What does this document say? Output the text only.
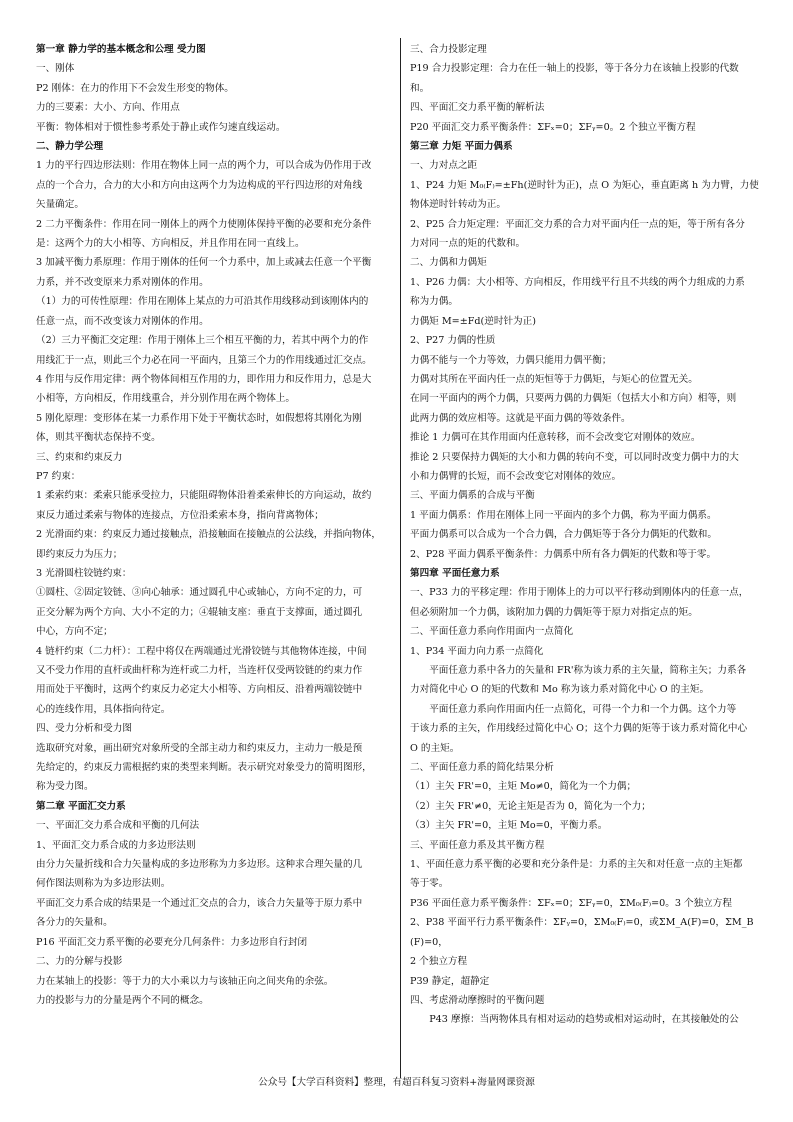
第一章 静力学的基本概念和公理 受力图

一、刚体

P2 刚体：在力的作用下不会发生形变的物体。

力的三要素：大小、方向、作用点

平衡：物体相对于惯性参考系处于静止或作匀速直线运动。

二、静力学公理

1 力的平行四边形法则：作用在物体上同一点的两个力，可以合成为仍作用于改

点的一个合力，合力的大小和方向由这两个力为边构成的平行四边形的对角线

矢量确定。

2 二力平衡条件：作用在同一刚体上的两个力使刚体保持平衡的必要和充分条件

是：这两个力的大小相等、方向相反，并且作用在同一直线上。

3 加减平衡力系原理：作用于刚体的任何一个力系中，加上或减去任意一个平衡

力系，并不改变原来力系对刚体的作用。

（1）力的可传性原理：作用在刚体上某点的力可沿其作用线移动到该刚体内的

任意一点，而不改变该力对刚体的作用。

（2）三力平衡汇交定理：作用于刚体上三个相互平衡的力，若其中两个力的作

用线汇于一点，则此三个力必在同一平面内，且第三个力的作用线通过汇交点。

4 作用与反作用定律：两个物体间相互作用的力，即作用力和反作用力，总是大

小相等，方向相反，作用线重合，并分别作用在两个物体上。

5 刚化原理：变形体在某一力系作用下处于平衡状态时，如假想将其刚化为刚

体，则其平衡状态保持不变。

三、约束和约束反力

P7 约束：

1 柔索约束：柔索只能承受拉力，只能阻碍物体沿着柔索伸长的方向运动，故约

束反力通过柔索与物体的连接点，方位沿柔索本身，指向背离物体；

2 光滑面约束：约束反力通过接触点，沿接触面在接触点的公法线，并指向物体，

即约束反力为压力；

3 光滑圆柱铰链约束：

①圆柱、②固定铰链、③向心轴承：通过圆孔中心或轴心，方向不定的力，可

正交分解为两个方向、大小不定的力；④辊轴支座：垂直于支撑面，通过圆孔

中心，方向不定；

4 链杆约束（二力杆）：工程中将仅在两端通过光滑铰链与其他物体连接，中间

又不受力作用的直杆或曲杆称为连杆或二力杆，当连杆仅受两铰链的约束力作

用而处于平衡时，这两个约束反力必定大小相等、方向相反、沿着两端铰链中

心的连线作用，具体指向待定。

四、受力分析和受力图

选取研究对象，画出研究对象所受的全部主动力和约束反力，主动力一般是预

先给定的，约束反力需根据约束的类型来判断。表示研究对象受力的简明图形，

称为受力图。

第二章 平面汇交力系

一、平面汇交力系合成和平衡的几何法

1、平面汇交力系合成的力多边形法则

由分力矢量折线和合力矢量构成的多边形称为力多边形。这种求合理矢量的几

何作图法则称为为多边形法则。

平面汇交力系合成的结果是一个通过汇交点的合力，该合力矢量等于原力系中

各分力的矢量和。

P16 平面汇交力系平衡的必要充分几何条件：力多边形自行封闭

二、力的分解与投影

力在某轴上的投影：等于力的大小乘以力与该轴正向之间夹角的余弦。

力的投影与力的分量是两个不同的概念。

三、合力投影定理

P19 合力投影定理：合力在任一轴上的投影，等于各分力在该轴上投影的代数

和。

四、平面汇交力系平衡的解析法

P20 平面汇交力系平衡条件：ΣFₓ=0；ΣFᵧ=0。2 个独立平衡方程

第三章 力矩 平面力偶系

一、力对点之距

1、P24 力矩 M₀₍F₎=±Fh(逆时针为正)，点 O 为矩心，垂直距离 h 为力臂，力使

物体逆时针转动为正。

2、P25 合力矩定理：平面汇交力系的合力对平面内任一点的矩，等于所有各分

力对同一点的矩的代数和。

二、力偶和力偶矩

1、P26 力偶：大小相等、方向相反，作用线平行且不共线的两个力组成的力系

称为力偶。

力偶矩 M=±Fd(逆时针为正)

2、P27 力偶的性质

力偶不能与一个力等效，力偶只能用力偶平衡；

力偶对其所在平面内任一点的矩恒等于力偶矩，与矩心的位置无关。

在同一平面内的两个力偶，只要两力偶的力偶矩（包括大小和方向）相等，则

此两力偶的效应相等。这就是平面力偶的等效条件。

推论 1 力偶可在其作用面内任意转移，而不会改变它对刚体的效应。

推论 2 只要保持力偶矩的大小和力偶的转向不变，可以同时改变力偶中力的大

小和力偶臂的长短，而不会改变它对刚体的效应。

三、平面力偶系的合成与平衡

1 平面力偶系：作用在刚体上同一平面内的多个力偶，称为平面力偶系。

平面力偶系可以合成为一个合力偶，合力偶矩等于各分力偶矩的代数和。

2、P28 平面力偶系平衡条件：力偶系中所有各力偶矩的代数和等于零。

第四章 平面任意力系

一、P33 力的平移定理：作用于刚体上的力可以平行移动到刚体内的任意一点，

但必须附加一个力偶，该附加力偶的力偶矩等于原力对指定点的矩。

二、平面任意力系向作用面内一点简化

1、P34 平面力向力系一点简化

平面任意力系中各力的矢量和 FR'称为该力系的主矢量，简称主矢；力系各

力对简化中心 O 的矩的代数和 Mo 称为该力系对简化中心 O 的主矩。

平面任意力系向作用面内任一点简化，可得一个力和一个力偶。这个力等

于该力系的主矢，作用线经过简化中心 O；这个力偶的矩等于该力系对简化中心

O 的主矩。

二、平面任意力系的简化结果分析

（1）主矢 FR'=0，主矩 Mo≠0，简化为一个力偶；

（2）主矢 FR'≠0，无论主矩是否为 0，简化为一个力；

（3）主矢 FR'=0，主矩 Mo=0，平衡力系。

三、平面任意力系及其平衡方程

1、平面任意力系平衡的必要和充分条件是：力系的主矢和对任意一点的主矩都

等于零。

P36 平面任意力系平衡条件：ΣFₓ=0；ΣFᵧ=0，ΣM₀₍F₎=0。3 个独立方程

2、P38 平面平行力系平衡条件：ΣFᵧ=0，ΣM₀₍F₎=0，或ΣM_A(F)=0，ΣM_B(F)=0，

2 个独立方程

P39 静定，超静定

四、考虑滑动摩擦时的平衡问题

P43 摩擦：当两物体具有相对运动的趋势或相对运动时，在其接触处的公

公众号【大学百科资料】整理，有超百科复习资料+海量网课资源
